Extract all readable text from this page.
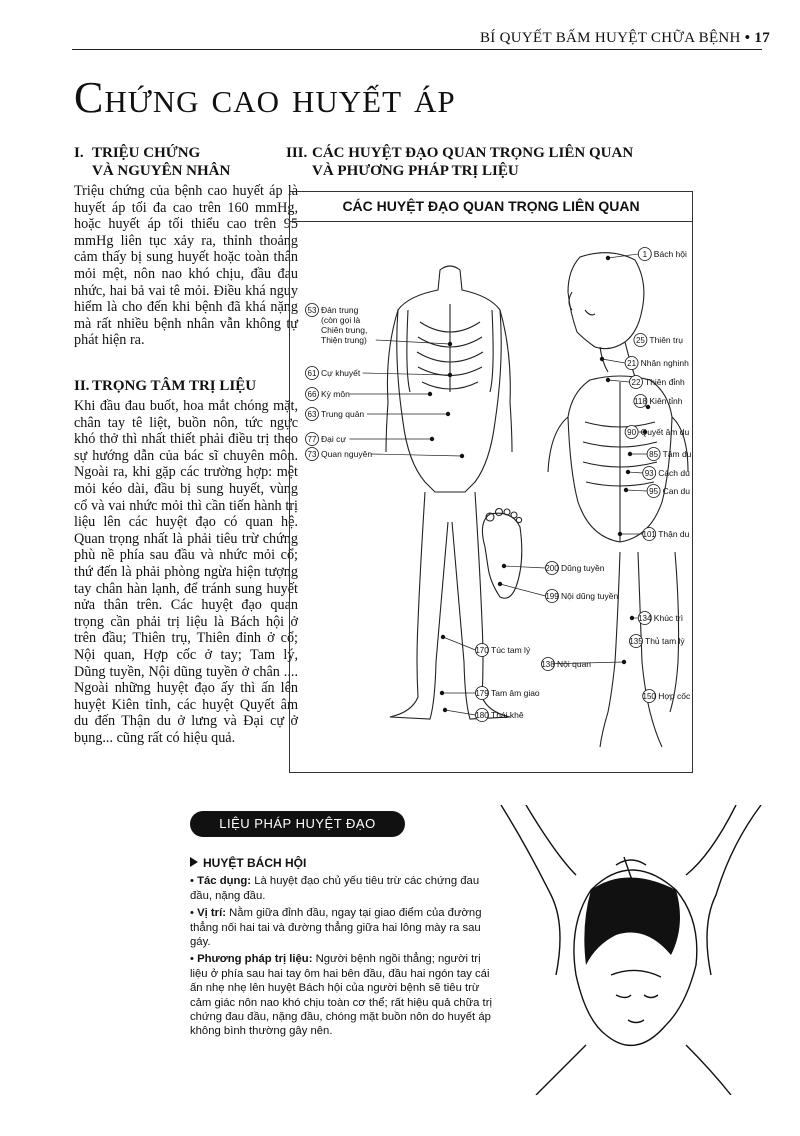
BÍ QUYẾT BẤM HUYỆT CHỮA BỆNH • 17
Chứng cao huyết áp
I. TRIỆU CHỨNG
VÀ NGUYÊN NHÂN
Triệu chứng của bệnh cao huyết áp là huyết áp tối đa cao trên 160 mmHg, hoặc huyết áp tối thiểu cao trên 95 mmHg liên tục xảy ra, thỉnh thoảng cảm thấy bị sung huyết hoặc toàn thân mỏi mệt, nôn nao khó chịu, đầu đau nhức, hai bả vai tê mỏi. Điều khá nguy hiểm là cho đến khi bệnh đã khá nặng mà rất nhiều bệnh nhân vẫn không tự phát hiện ra.
II. TRỌNG TÂM TRỊ LIỆU
Khi đầu đau buốt, hoa mắt chóng mặt, chân tay tê liệt, buồn nôn, tức ngực khó thở thì nhất thiết phải điều trị theo sự hướng dẫn của bác sĩ chuyên môn. Ngoài ra, khi gặp các trường hợp: mệt mỏi kéo dài, đầu bị sung huyết, vùng cổ và vai nhức mỏi thì cần tiến hành trị liệu lên các huyệt đạo có quan hệ. Quan trọng nhất là phải tiêu trừ chứng phù nề phía sau đầu và nhức mỏi cổ; thứ đến là phải phòng ngừa hiện tượng tay chân hàn lạnh, để tránh sung huyết nửa thân trên. Các huyệt đạo quan trọng cần phải trị liệu là Bách hội ở trên đầu; Thiên trụ, Thiên đỉnh ở cổ; Nội quan, Hợp cốc ở tay; Tam lý, Dũng tuyền, Nội dũng tuyền ở chân .... Ngoài những huyệt đạo ấy thì ấn lên huyệt Kiên tỉnh, các huyệt Quyết âm du đến Thận du ở lưng và Đại cự ở bụng... cũng rất có hiệu quả.
III. CÁC HUYỆT ĐẠO QUAN TRỌNG LIÊN QUAN
VÀ PHƯƠNG PHÁP TRỊ LIỆU
CÁC HUYỆT ĐẠO QUAN TRỌNG LIÊN QUAN
53 Đản trung
(còn gọi là
Chiên trung,
Thiện trung)
61 Cự khuyết
66 Kỳ môn
63 Trung quản
77 Đại cự
73 Quan nguyên
1 Bách hội
25 Thiên trụ
21 Nhân nghinh
22 Thiên đỉnh
118 Kiên tỉnh
90 Quyết âm du
85 Tâm du
93 Cách du
95 Can du
101 Thận du
200 Dũng tuyền
199 Nội dũng tuyền
170 Túc tam lý
179 Tam âm giao
180 Thái khê
138 Nội quan
134 Khúc trì
135 Thủ tam lý
150 Hợp cốc
LIỆU PHÁP HUYỆT ĐẠO
HUYỆT BÁCH HỘI

• Tác dụng: Là huyệt đạo chủ yếu tiêu trừ các chứng đau đầu, nặng đầu.

• Vị trí: Nằm giữa đỉnh đầu, ngay tại giao điểm của đường thẳng nối hai tai và đường thẳng giữa hai lông mày ra sau gáy.

• Phương pháp trị liệu: Người bệnh ngồi thẳng; người trị liệu ở phía sau hai tay ôm hai bên đầu, đầu hai ngón tay cái ấn nhẹ nhẹ lên huyệt Bách hội của người bệnh sẽ tiêu trừ cảm giác nôn nao khó chịu toàn cơ thể; rất hiệu quả chữa trị chứng đau đầu, nặng đầu, chóng mặt buồn nôn do huyết áp không bình thường gây nên.
